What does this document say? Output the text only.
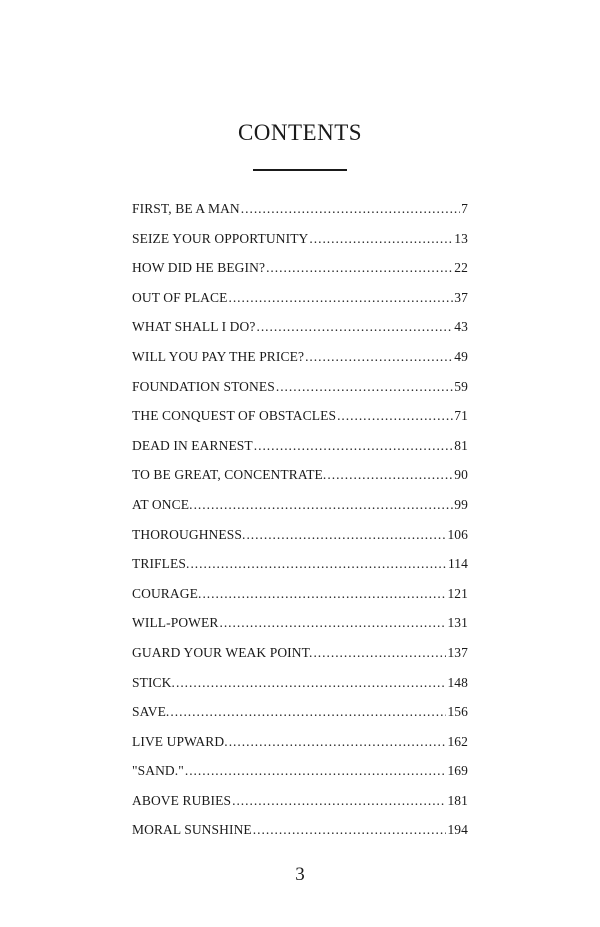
CONTENTS
FIRST, BE A MAN . . .	7
SEIZE YOUR OPPORTUNITY . . .	13
HOW DID HE BEGIN? . . .	22
OUT OF PLACE . . .	37
WHAT SHALL I DO? . . .	43
WILL YOU PAY THE PRICE? . . .	49
FOUNDATION STONES . . .	59
THE CONQUEST OF OBSTACLES . . .	71
DEAD IN EARNEST . . .	81
TO BE GREAT, CONCENTRATE. . . .	90
AT ONCE. . . .	99
THOROUGHNESS. . . .	106
TRIFLES. . . .	114
COURAGE. . . .	121
WILL-POWER . . .	131
GUARD YOUR WEAK POINT. . . .	137
STICK. . . .	148
SAVE. . . .	156
LIVE UPWARD. . . .	162
"SAND." . . .	169
ABOVE RUBIES . . .	181
MORAL SUNSHINE . . .	194
3
